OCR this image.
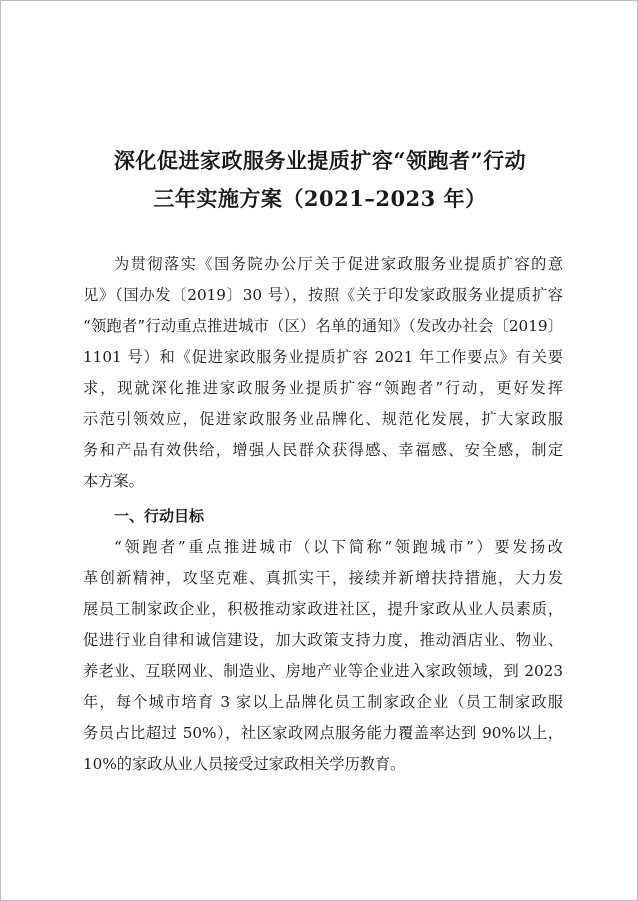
深化促进家政服务业提质扩容“领跑者”行动
三年实施方案（2021–2023 年）
为贯彻落实《国务院办公厅关于促进家政服务业提质扩容的意
见》（国办发〔2019〕30 号），按照《关于印发家政服务业提质扩容
“领跑者”行动重点推进城市（区）名单的通知》（发改办社会〔2019〕
1101 号）和《促进家政服务业提质扩容 2021 年工作要点》有关要
求，现就深化推进家政服务业提质扩容“领跑者”行动，更好发挥
示范引领效应，促进家政服务业品牌化、规范化发展，扩大家政服
务和产品有效供给，增强人民群众获得感、幸福感、安全感，制定
本方案。
一、行动目标
“领跑者”重点推进城市（以下简称“领跑城市”）要发扬改
革创新精神，攻坚克难、真抓实干，接续并新增扶持措施，大力发
展员工制家政企业，积极推动家政进社区，提升家政从业人员素质，
促进行业自律和诚信建设，加大政策支持力度，推动酒店业、物业、
养老业、互联网业、制造业、房地产业等企业进入家政领域，到 2023
年，每个城市培育 3 家以上品牌化员工制家政企业（员工制家政服
务员占比超过 50%），社区家政网点服务能力覆盖率达到 90%以上，
10%的家政从业人员接受过家政相关学历教育。
